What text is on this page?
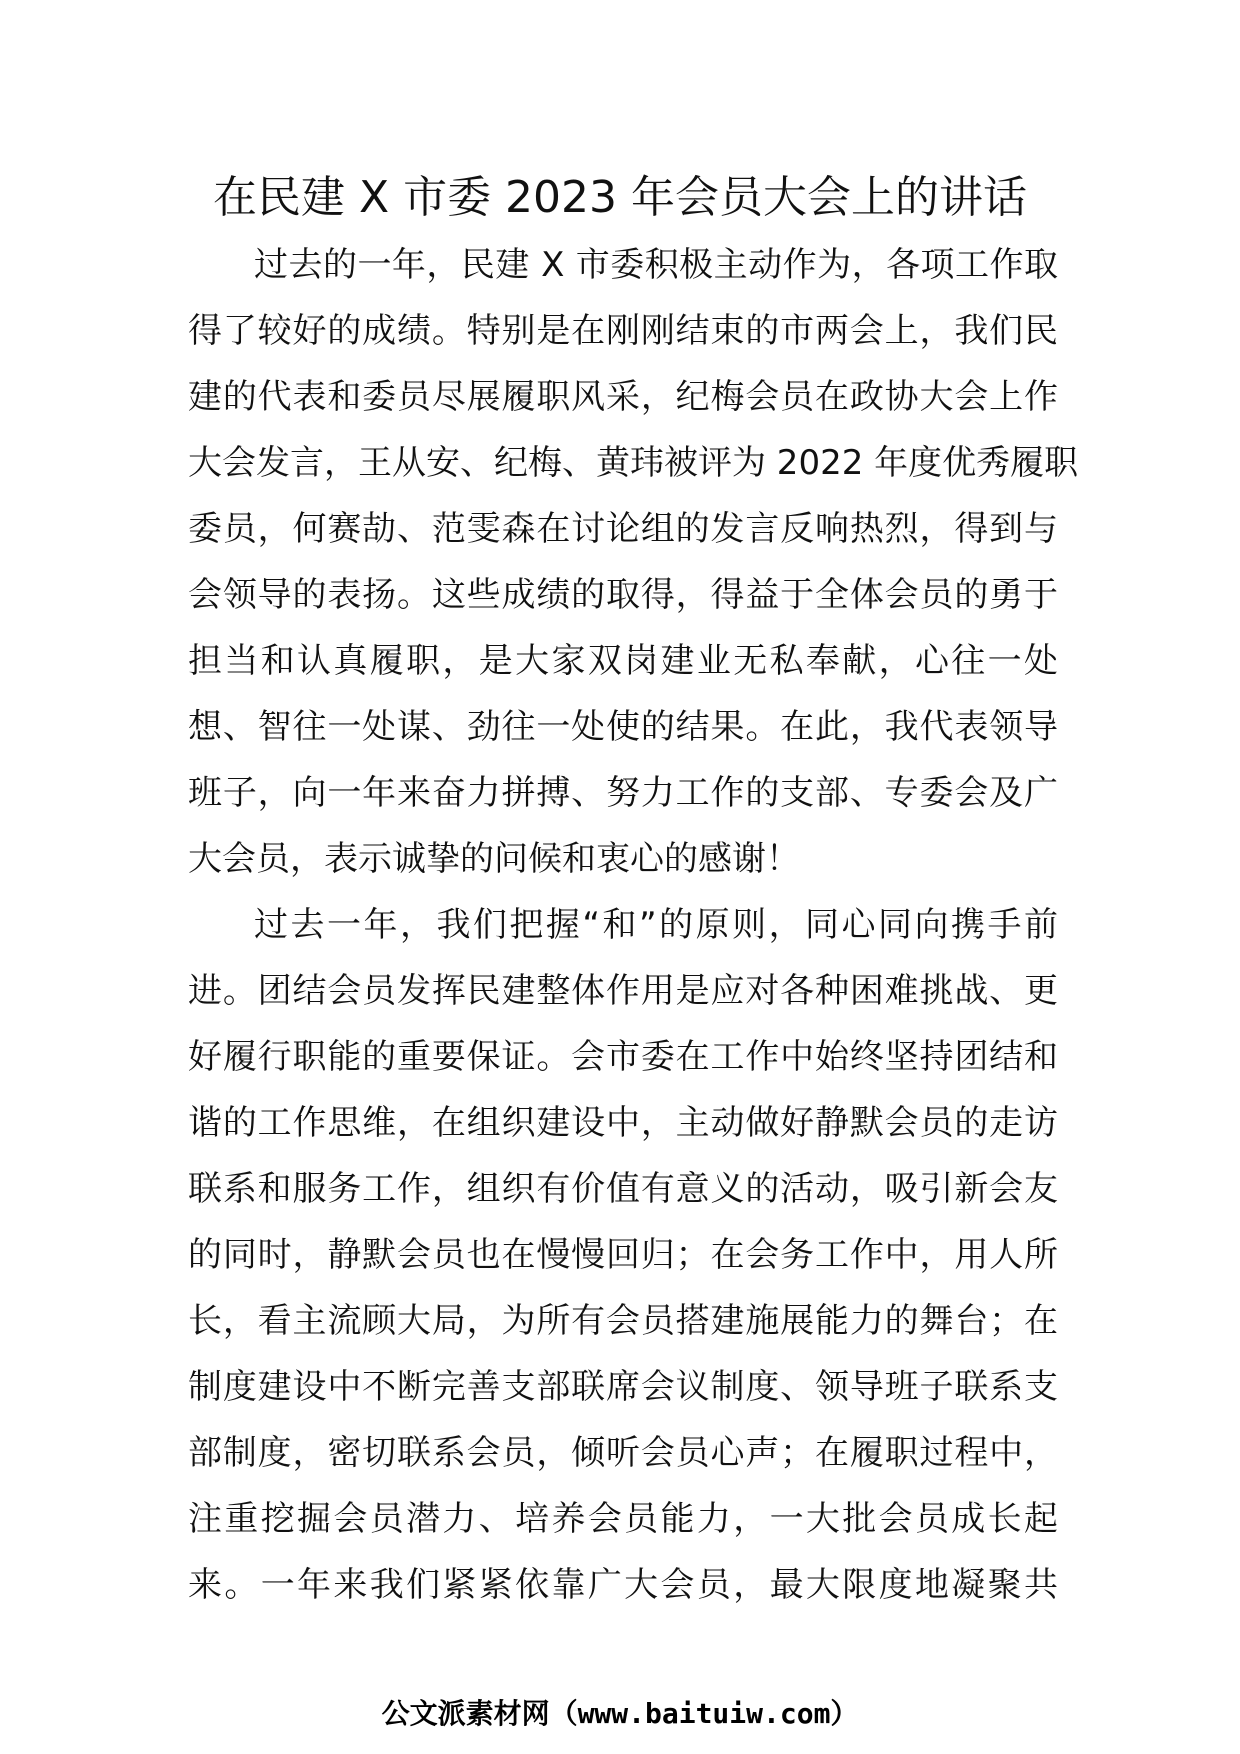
在民建 X 市委 2023 年会员大会上的讲话
过去的一年，民建 X 市委积极主动作为，各项工作取
得了较好的成绩。特别是在刚刚结束的市两会上，我们民
建的代表和委员尽展履职风采，纪梅会员在政协大会上作
大会发言，王从安、纪梅、黄玮被评为 2022 年度优秀履职
委员，何赛劼、范雯森在讨论组的发言反响热烈，得到与
会领导的表扬。这些成绩的取得，得益于全体会员的勇于
担当和认真履职，是大家双岗建业无私奉献，心往一处
想、智往一处谋、劲往一处使的结果。在此，我代表领导
班子，向一年来奋力拼搏、努力工作的支部、专委会及广
大会员，表示诚挚的问候和衷心的感谢！
过去一年，我们把握“和”的原则，同心同向携手前
进。团结会员发挥民建整体作用是应对各种困难挑战、更
好履行职能的重要保证。会市委在工作中始终坚持团结和
谐的工作思维，在组织建设中，主动做好静默会员的走访
联系和服务工作，组织有价值有意义的活动，吸引新会友
的同时，静默会员也在慢慢回归；在会务工作中，用人所
长，看主流顾大局，为所有会员搭建施展能力的舞台；在
制度建设中不断完善支部联席会议制度、领导班子联系支
部制度，密切联系会员，倾听会员心声；在履职过程中，
注重挖掘会员潜力、培养会员能力，一大批会员成长起
来。一年来我们紧紧依靠广大会员，最大限度地凝聚共
公文派素材网（www.baituiw.com）
